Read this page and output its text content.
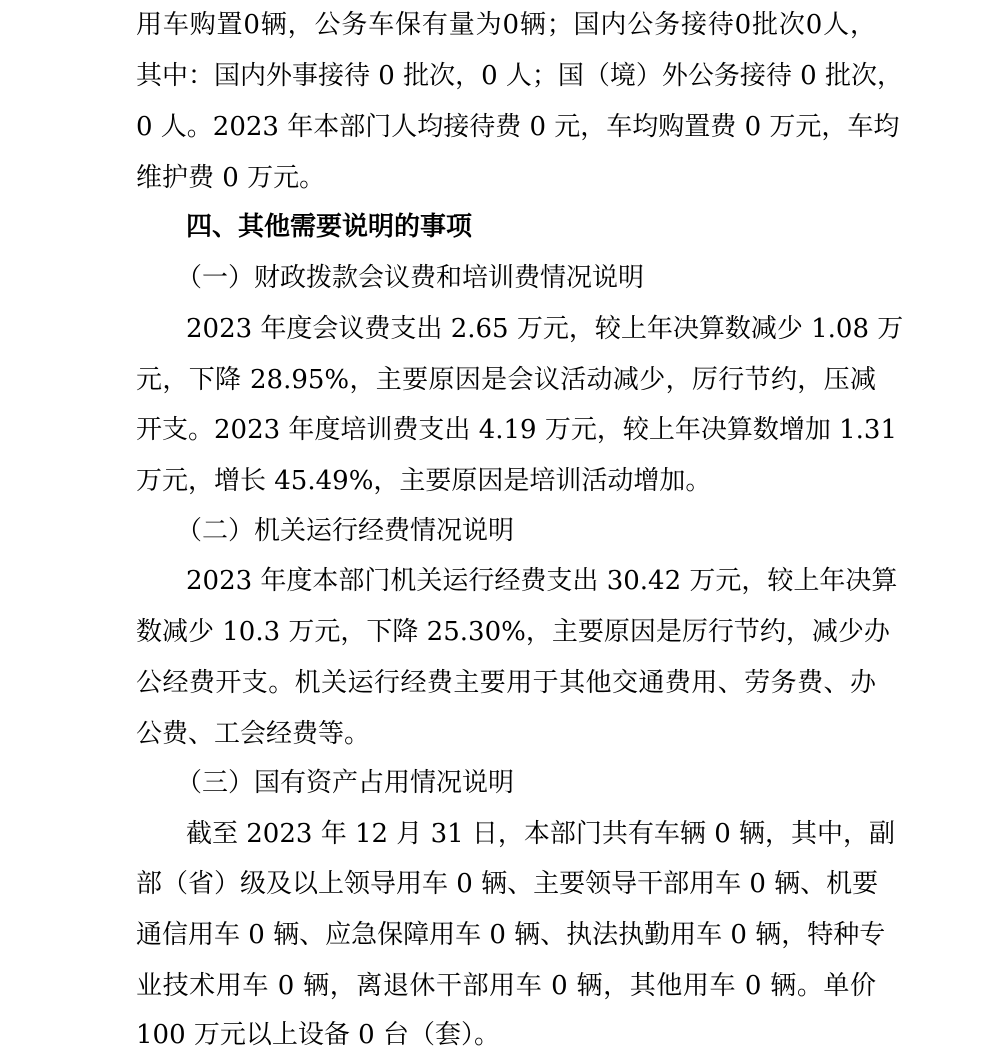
用车购置0辆，公务车保有量为0辆；国内公务接待0批次0人，
其中：国内外事接待 0 批次，0 人；国（境）外公务接待 0 批次，
0 人。2023 年本部门人均接待费 0 元，车均购置费 0 万元，车均
维护费 0 万元。
四、其他需要说明的事项
（一）财政拨款会议费和培训费情况说明
2023 年度会议费支出 2.65 万元，较上年决算数减少 1.08 万
元，下降 28.95%，主要原因是会议活动减少，厉行节约，压减
开支。2023 年度培训费支出 4.19 万元，较上年决算数增加 1.31
万元，增长 45.49%，主要原因是培训活动增加。
（二）机关运行经费情况说明
2023 年度本部门机关运行经费支出 30.42 万元，较上年决算
数减少 10.3 万元，下降 25.30%，主要原因是厉行节约，减少办
公经费开支。机关运行经费主要用于其他交通费用、劳务费、办
公费、工会经费等。
（三）国有资产占用情况说明
截至 2023 年 12 月 31 日，本部门共有车辆 0 辆，其中，副
部（省）级及以上领导用车 0 辆、主要领导干部用车 0 辆、机要
通信用车 0 辆、应急保障用车 0 辆、执法执勤用车 0 辆，特种专
业技术用车 0 辆，离退休干部用车 0 辆，其他用车 0 辆。单价
100 万元以上设备 0 台（套）。
